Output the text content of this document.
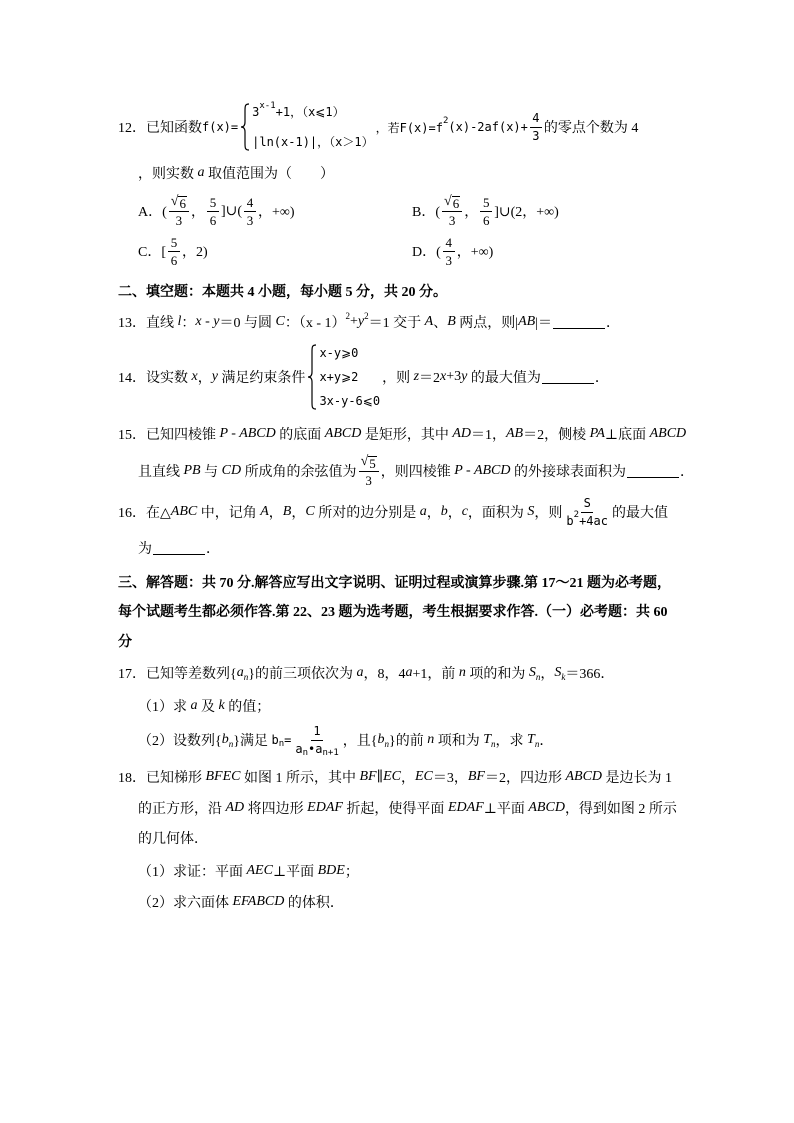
12． 已知函数 f(x)=
3 x-1 +1，（x⩽1）
|ln(x-1)|，（x＞1）
，若F(x)=f 2 $(x)-2af(x)+ \frac{4}{3}$ 的零点个数为 4
，则实数 a 取值范围为（　　）
A．( $\frac{√ 6}{3}$ ， $\frac{5}{6}$ ]∪( $\frac{4}{3}$ ，+∞)	B．( $\frac{√ 6}{3}$ ， $\frac{5}{6}$ ]∪(2，+∞)
C．[ $\frac{5}{6}$ ，2)	D．( $\frac{4}{3}$ ，+∞)
二、填空题：本题共 4 小题，每小题 5 分，共 20 分。
13．直线 l ： x - y ＝0 与圆 C ：（x - 1） 2 + y 2 ＝1 交于 A 、 B 两点，则| AB |＝	．
14．设实数 x ， y 满足约束条件
x-y⩾0
x+y⩾2
3x-y-6⩽0
，则 z ＝2 x +3 y 的最大值为	．
15．已知四棱锥 P - ABCD 的底面 ABCD 是矩形，其中 AD ＝1， AB ＝2，侧棱 PA ⊥底面 ABCD
且直线 PB 与 CD 所成角的余弦值为 $\frac{√ 5}{3}$ ，则四棱锥 P - ABCD 的外接球表面积为	．
16．在△ ABC 中，记角 A ， B ， C 所对的边分别是 a ， b ， c ，面积为 S ，则 $\frac{S}{b 2 +4ac}$ 的最大值
为	．
三、解答题：共 70 分.解答应写出文字说明、证明过程或演算步骤.第 17～21 题为必考题，
每个试题考生都必须作答.第 22、23 题为选考题，考生根据要求作答.（一）必考题：共 60
分
17．已知等差数列{ a n }的前三项依次为 a ，8，4 a +1，前 n 项的和为 S n ， S k ＝366．
（1）求 a 及 k 的值；
（2）设数列{ b n }满足 b $n = \frac{1}{\text{a n • a n+1}}$ ，且{ b n }的前 n 项和为 T n ，求 T n ．
18．已知梯形 BFEC 如图 1 所示，其中 BF ∥ EC ， EC ＝3， BF ＝2，四边形 ABCD 是边长为 1
的正方形，沿 AD 将四边形 EDAF 折起，使得平面 EDAF ⊥平面 ABCD ，得到如图 2 所示
的几何体．
（1）求证：平面 AEC ⊥平面 BDE ；
（2）求六面体 EFABCD 的体积．
